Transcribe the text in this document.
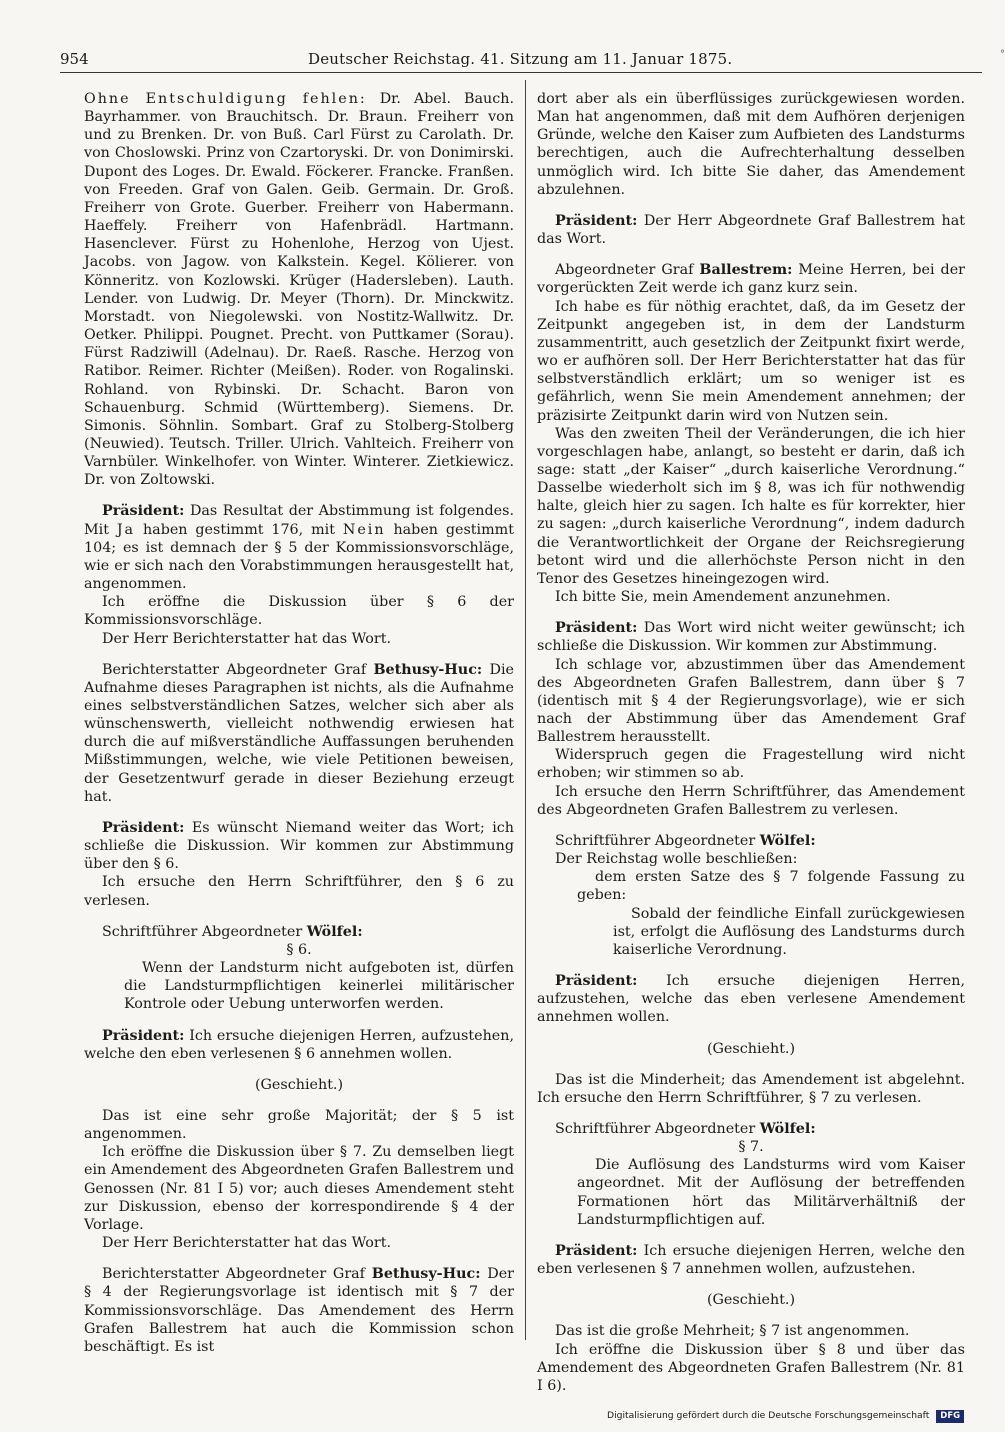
954	Deutscher Reichstag. 41. Sitzung am 11. Januar 1875.	°

Ohne Entschuldigung fehlen: Dr. Abel. Bauch. Bayrhammer. von Brauchitsch. Dr. Braun. Freiherr von und zu Brenken. Dr. von Buß. Carl Fürst zu Carolath. Dr. von Choslowski. Prinz von Czartoryski. Dr. von Donimirski. Dupont des Loges. Dr. Ewald. Föckerer. Francke. Franßen. von Freeden. Graf von Galen. Geib. Germain. Dr. Groß. Freiherr von Grote. Guerber. Freiherr von Habermann. Haeffely. Freiherr von Hafenbrädl. Hartmann. Hasenclever. Fürst zu Hohenlohe, Herzog von Ujest. Jacobs. von Jagow. von Kalkstein. Kegel. Kölierer. von Könneritz. von Kozlowski. Krüger (Hadersleben). Lauth. Lender. von Ludwig. Dr. Meyer (Thorn). Dr. Minckwitz. Morstadt. von Niegolewski. von Nostitz-Wallwitz. Dr. Oetker. Philippi. Pougnet. Precht. von Puttkamer (Sorau). Fürst Radziwill (Adelnau). Dr. Raeß. Rasche. Herzog von Ratibor. Reimer. Richter (Meißen). Roder. von Rogalinski. Rohland. von Rybinski. Dr. Schacht. Baron von Schauenburg. Schmid (Württemberg). Siemens. Dr. Simonis. Söhnlin. Sombart. Graf zu Stolberg-Stolberg (Neuwied). Teutsch. Triller. Ulrich. Vahlteich. Freiherr von Varnbüler. Winkelhofer. von Winter. Winterer. Zietkiewicz. Dr. von Zoltowski.

Präsident: Das Resultat der Abstimmung ist folgendes. Mit Ja haben gestimmt 176, mit Nein haben gestimmt 104; es ist demnach der § 5 der Kommissionsvorschläge, wie er sich nach den Vorabstimmungen herausgestellt hat, angenommen.

Ich eröffne die Diskussion über § 6 der Kommissionsvorschläge.

Der Herr Berichterstatter hat das Wort.

Berichterstatter Abgeordneter Graf Bethusy-Huc: Die Aufnahme dieses Paragraphen ist nichts, als die Aufnahme eines selbstverständlichen Satzes, welcher sich aber als wünschenswerth, vielleicht nothwendig erwiesen hat durch die auf mißverständliche Auffassungen beruhenden Mißstimmungen, welche, wie viele Petitionen beweisen, der Gesetzentwurf gerade in dieser Beziehung erzeugt hat.

Präsident: Es wünscht Niemand weiter das Wort; ich schließe die Diskussion. Wir kommen zur Abstimmung über den § 6.

Ich ersuche den Herrn Schriftführer, den § 6 zu verlesen.

Schriftführer Abgeordneter Wölfel:

§ 6.

Wenn der Landsturm nicht aufgeboten ist, dürfen die Landsturmpflichtigen keinerlei militärischer Kontrole oder Uebung unterworfen werden.

Präsident: Ich ersuche diejenigen Herren, aufzustehen, welche den eben verlesenen § 6 annehmen wollen.

(Geschieht.)

Das ist eine sehr große Majorität; der § 5 ist angenommen.

Ich eröffne die Diskussion über § 7. Zu demselben liegt ein Amendement des Abgeordneten Grafen Ballestrem und Genossen (Nr. 81 I 5) vor; auch dieses Amendement steht zur Diskussion, ebenso der korrespondirende § 4 der Vorlage.

Der Herr Berichterstatter hat das Wort.

Berichterstatter Abgeordneter Graf Bethusy-Huc: Der § 4 der Regierungsvorlage ist identisch mit § 7 der Kommissionsvorschläge. Das Amendement des Herrn Grafen Ballestrem hat auch die Kommission schon beschäftigt. Es ist

dort aber als ein überflüssiges zurückgewiesen worden. Man hat angenommen, daß mit dem Aufhören derjenigen Gründe, welche den Kaiser zum Aufbieten des Landsturms berechtigen, auch die Aufrechterhaltung desselben unmöglich wird. Ich bitte Sie daher, das Amendement abzulehnen.

Präsident: Der Herr Abgeordnete Graf Ballestrem hat das Wort.

Abgeordneter Graf Ballestrem: Meine Herren, bei der vorgerückten Zeit werde ich ganz kurz sein.

Ich habe es für nöthig erachtet, daß, da im Gesetz der Zeitpunkt angegeben ist, in dem der Landsturm zusammentritt, auch gesetzlich der Zeitpunkt fixirt werde, wo er aufhören soll. Der Herr Berichterstatter hat das für selbstverständlich erklärt; um so weniger ist es gefährlich, wenn Sie mein Amendement annehmen; der präzisirte Zeitpunkt darin wird von Nutzen sein.

Was den zweiten Theil der Veränderungen, die ich hier vorgeschlagen habe, anlangt, so besteht er darin, daß ich sage: statt „der Kaiser“ „durch kaiserliche Verordnung.“ Dasselbe wiederholt sich im § 8, was ich für nothwendig halte, gleich hier zu sagen. Ich halte es für korrekter, hier zu sagen: „durch kaiserliche Verordnung“, indem dadurch die Verantwortlichkeit der Organe der Reichsregierung betont wird und die allerhöchste Person nicht in den Tenor des Gesetzes hineingezogen wird.

Ich bitte Sie, mein Amendement anzunehmen.

Präsident: Das Wort wird nicht weiter gewünscht; ich schließe die Diskussion. Wir kommen zur Abstimmung.

Ich schlage vor, abzustimmen über das Amendement des Abgeordneten Grafen Ballestrem, dann über § 7 (identisch mit § 4 der Regierungsvorlage), wie er sich nach der Abstimmung über das Amendement Graf Ballestrem herausstellt.

Widerspruch gegen die Fragestellung wird nicht erhoben; wir stimmen so ab.

Ich ersuche den Herrn Schriftführer, das Amendement des Abgeordneten Grafen Ballestrem zu verlesen.

Schriftführer Abgeordneter Wölfel:

Der Reichstag wolle beschließen:

dem ersten Satze des § 7 folgende Fassung zu geben:

Sobald der feindliche Einfall zurückgewiesen ist, erfolgt die Auflösung des Landsturms durch kaiserliche Verordnung.

Präsident: Ich ersuche diejenigen Herren, aufzustehen, welche das eben verlesene Amendement annehmen wollen.

(Geschieht.)

Das ist die Minderheit; das Amendement ist abgelehnt. Ich ersuche den Herrn Schriftführer, § 7 zu verlesen.

Schriftführer Abgeordneter Wölfel:

§ 7.

Die Auflösung des Landsturms wird vom Kaiser angeordnet. Mit der Auflösung der betreffenden Formationen hört das Militärverhältniß der Landsturmpflichtigen auf.

Präsident: Ich ersuche diejenigen Herren, welche den eben verlesenen § 7 annehmen wollen, aufzustehen.

(Geschieht.)

Das ist die große Mehrheit; § 7 ist angenommen.

Ich eröffne die Diskussion über § 8 und über das Amendement des Abgeordneten Grafen Ballestrem (Nr. 81 I 6).

Digitalisierung gefördert durch die Deutsche Forschungsgemeinschaft DFG
